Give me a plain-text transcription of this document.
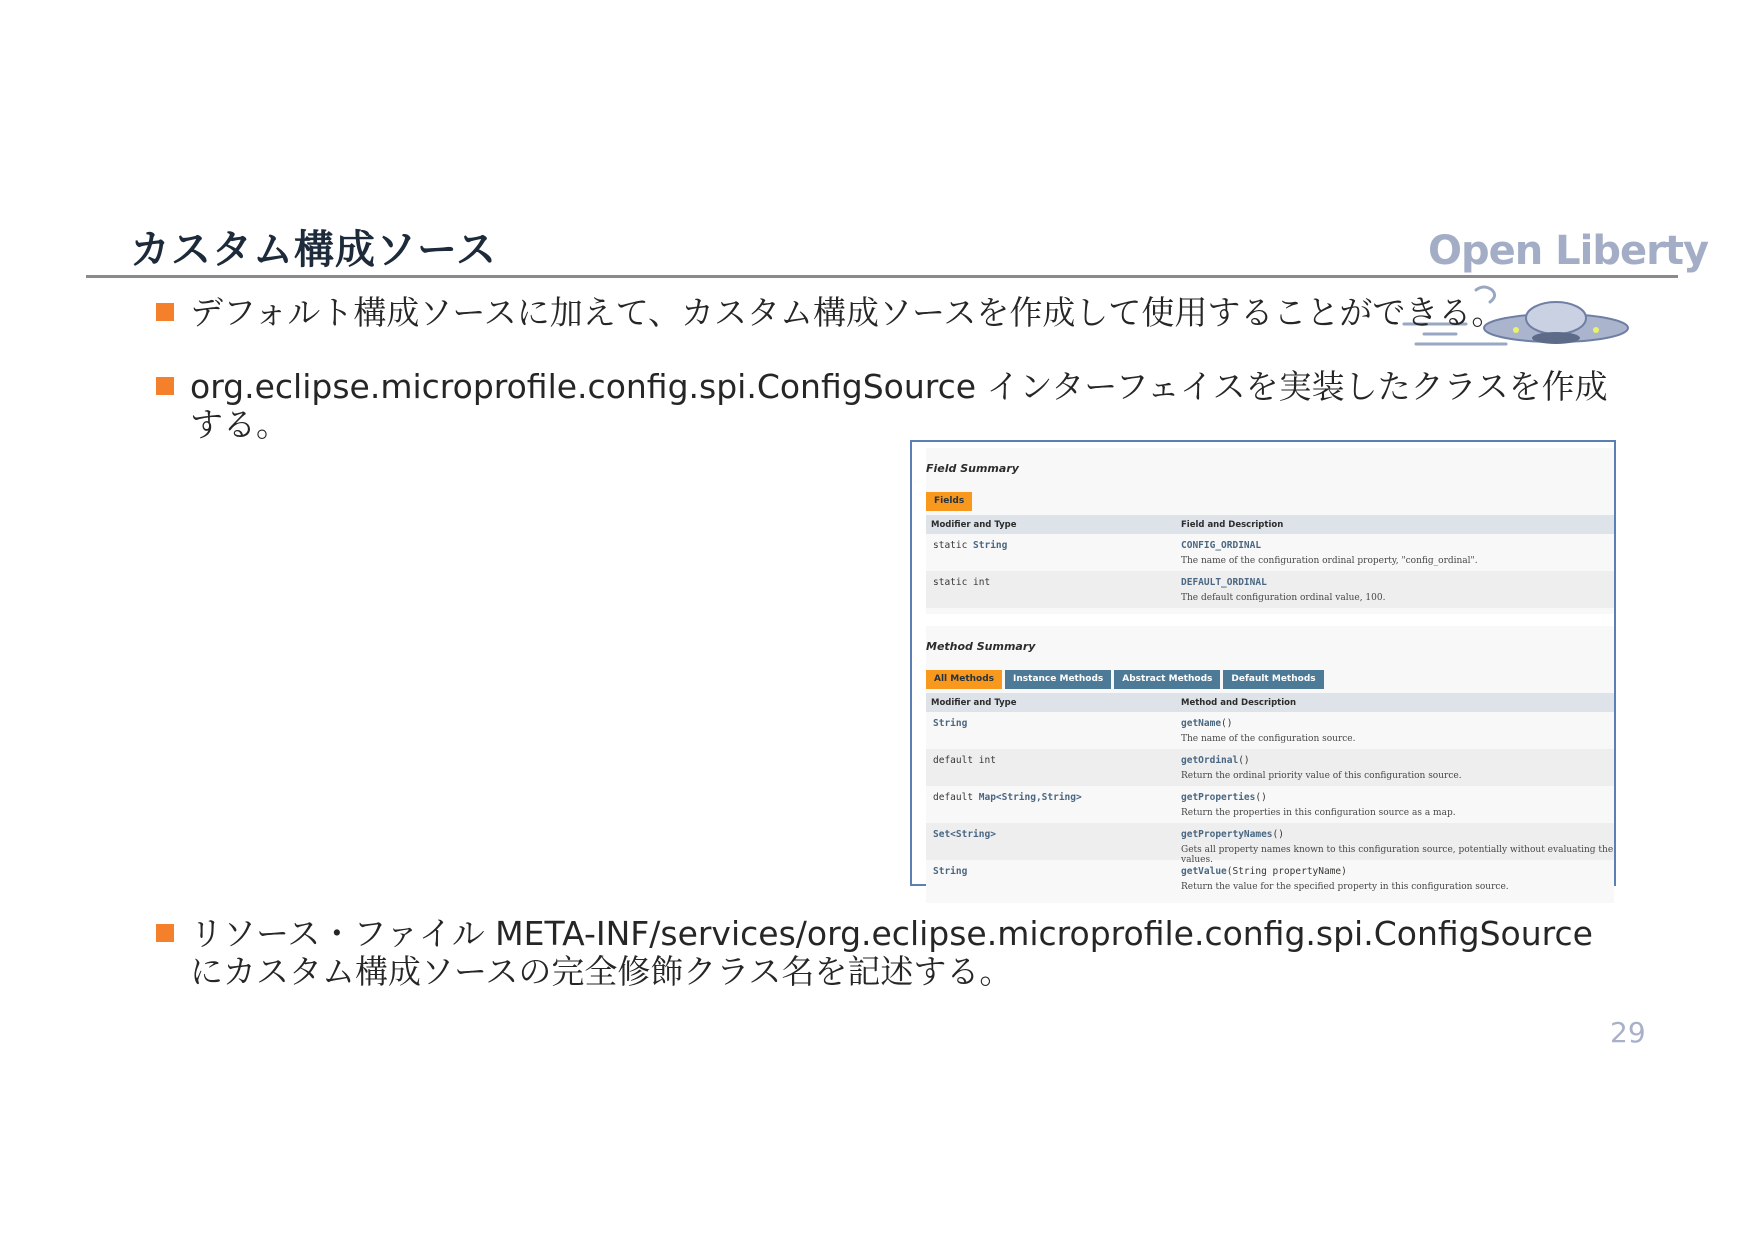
カスタム構成ソース	Open Liberty
デフォルト構成ソースに加えて、カスタム構成ソースを作成して使用することができる。
org.eclipse.microprofile.config.spi.ConfigSource インターフェイスを実装したクラスを作成
する。
Field Summary
Fields
Modifier and Type	Field and Description
static String	CONFIG_ORDINAL
The name of the configuration ordinal property, "config_ordinal".
static int	DEFAULT_ORDINAL
The default configuration ordinal value, 100.
Method Summary
All Methods	Instance Methods	Abstract Methods	Default Methods
Modifier and Type	Method and Description
String	getName()
The name of the configuration source.
default int	getOrdinal()
Return the ordinal priority value of this configuration source.
default Map<String,String>	getProperties()
Return the properties in this configuration source as a map.
Set<String>	getPropertyNames()
Gets all property names known to this configuration source, potentially without evaluating the values.
String	getValue(String propertyName)
Return the value for the specified property in this configuration source.
リソース・ファイル META-INF/services/org.eclipse.microprofile.config.spi.ConfigSource
にカスタム構成ソースの完全修飾クラス名を記述する。
29
